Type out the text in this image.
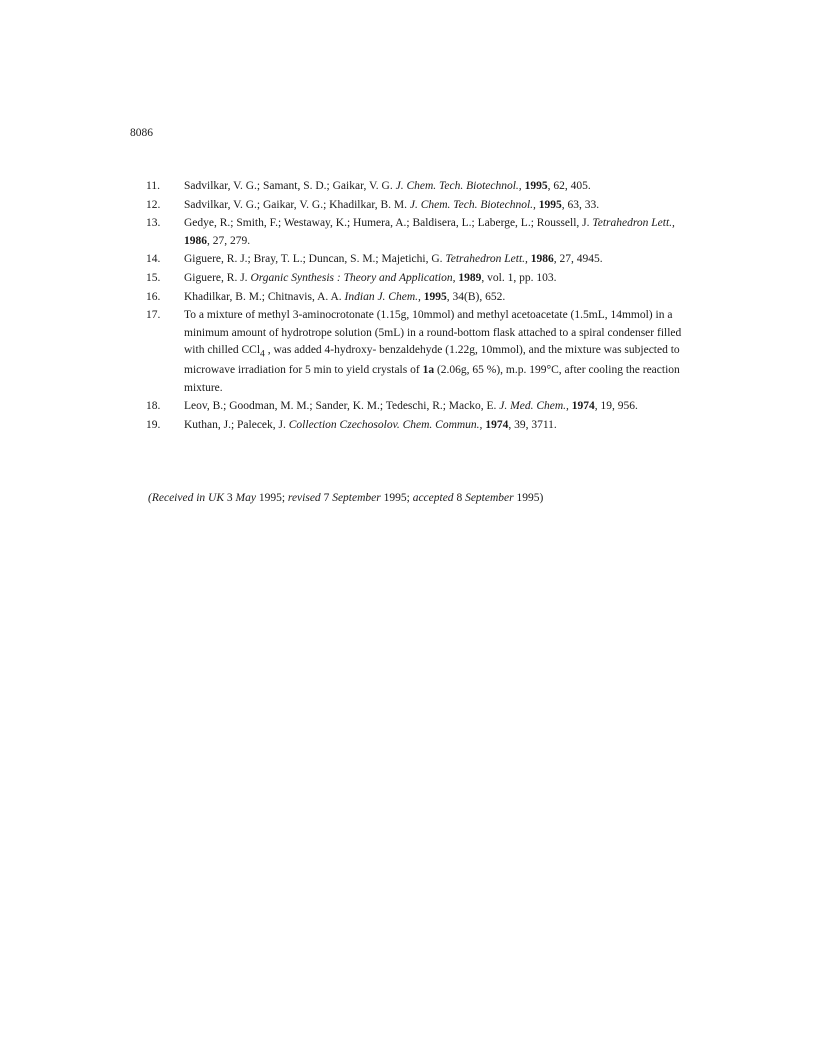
8086
11. Sadvilkar, V. G.; Samant, S. D.; Gaikar, V. G. J. Chem. Tech. Biotechnol., 1995, 62, 405.
12. Sadvilkar, V. G.; Gaikar, V. G.; Khadilkar, B. M. J. Chem. Tech. Biotechnol., 1995, 63, 33.
13. Gedye, R.; Smith, F.; Westaway, K.; Humera, A.; Baldisera, L.; Laberge, L.; Roussell, J. Tetrahedron Lett., 1986, 27, 279.
14. Giguere, R. J.; Bray, T. L.; Duncan, S. M.; Majetichi, G. Tetrahedron Lett., 1986, 27, 4945.
15. Giguere, R. J. Organic Synthesis : Theory and Application, 1989, vol. 1, pp. 103.
16. Khadilkar, B. M.; Chitnavis, A. A. Indian J. Chem., 1995, 34(B), 652.
17. To a mixture of methyl 3-aminocrotonate (1.15g, 10mmol) and methyl acetoacetate (1.5mL, 14mmol) in a minimum amount of hydrotrope solution (5mL) in a round-bottom flask attached to a spiral condenser filled with chilled CCl$_4$ , was added 4-hydroxy- benzaldehyde (1.22g, 10mmol), and the mixture was subjected to microwave irradiation for 5 min to yield crystals of 1a (2.06g, 65 %), m.p. 199°C, after cooling the reaction mixture.
18. Leov, B.; Goodman, M. M.; Sander, K. M.; Tedeschi, R.; Macko, E. J. Med. Chem., 1974, 19, 956.
19. Kuthan, J.; Palecek, J. Collection Czechosolov. Chem. Commun., 1974, 39, 3711.
(Received in UK 3 May 1995; revised 7 September 1995; accepted 8 September 1995)
